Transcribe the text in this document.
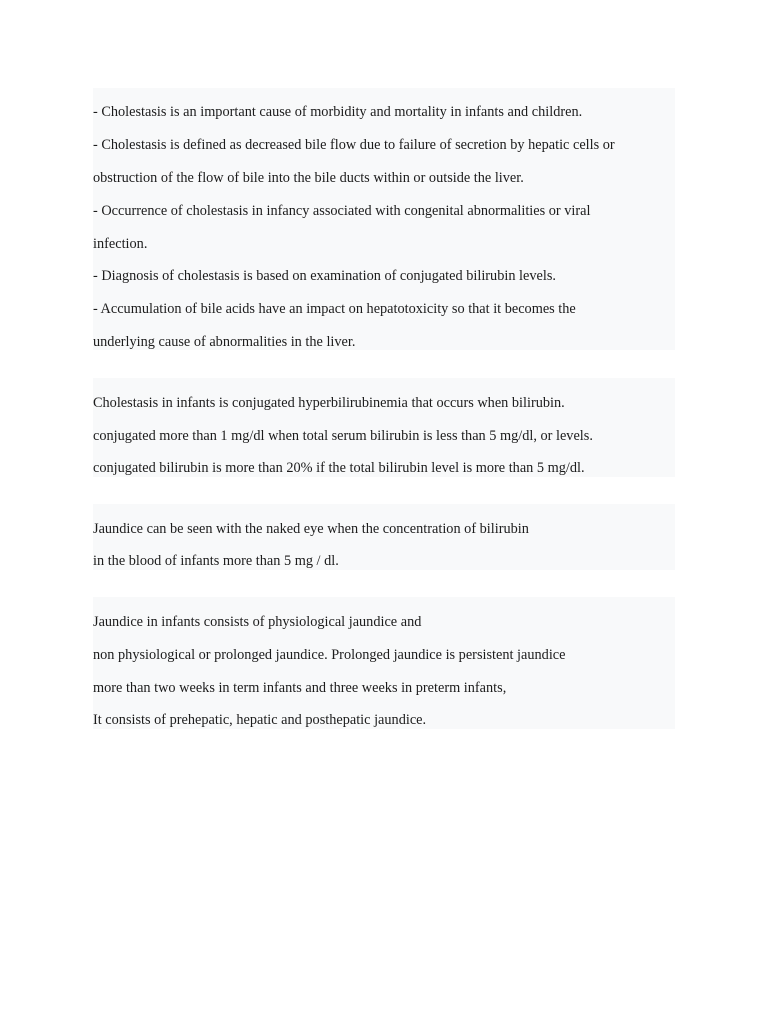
- Cholestasis is an important cause of morbidity and mortality in infants and children.
- Cholestasis is defined as decreased bile flow due to failure of secretion by hepatic cells or
obstruction of the flow of bile into the bile ducts within or outside the liver.
- Occurrence of cholestasis in infancy associated with congenital abnormalities or viral
infection.
- Diagnosis of cholestasis is based on examination of conjugated bilirubin levels.
- Accumulation of bile acids have an impact on hepatotoxicity so that it becomes the
underlying cause of abnormalities in the liver.
Cholestasis in infants is conjugated hyperbilirubinemia that occurs when bilirubin.
conjugated more than 1 mg/dl when total serum bilirubin is less than 5 mg/dl, or levels.
conjugated bilirubin is more than 20% if the total bilirubin level is more than 5 mg/dl.
Jaundice can be seen with the naked eye when the concentration of bilirubin
in the blood of infants more than 5 mg / dl.
Jaundice in infants consists of physiological jaundice and
non physiological or prolonged jaundice. Prolonged jaundice is persistent jaundice
more than two weeks in term infants and three weeks in preterm infants,
It consists of prehepatic, hepatic and posthepatic jaundice.
